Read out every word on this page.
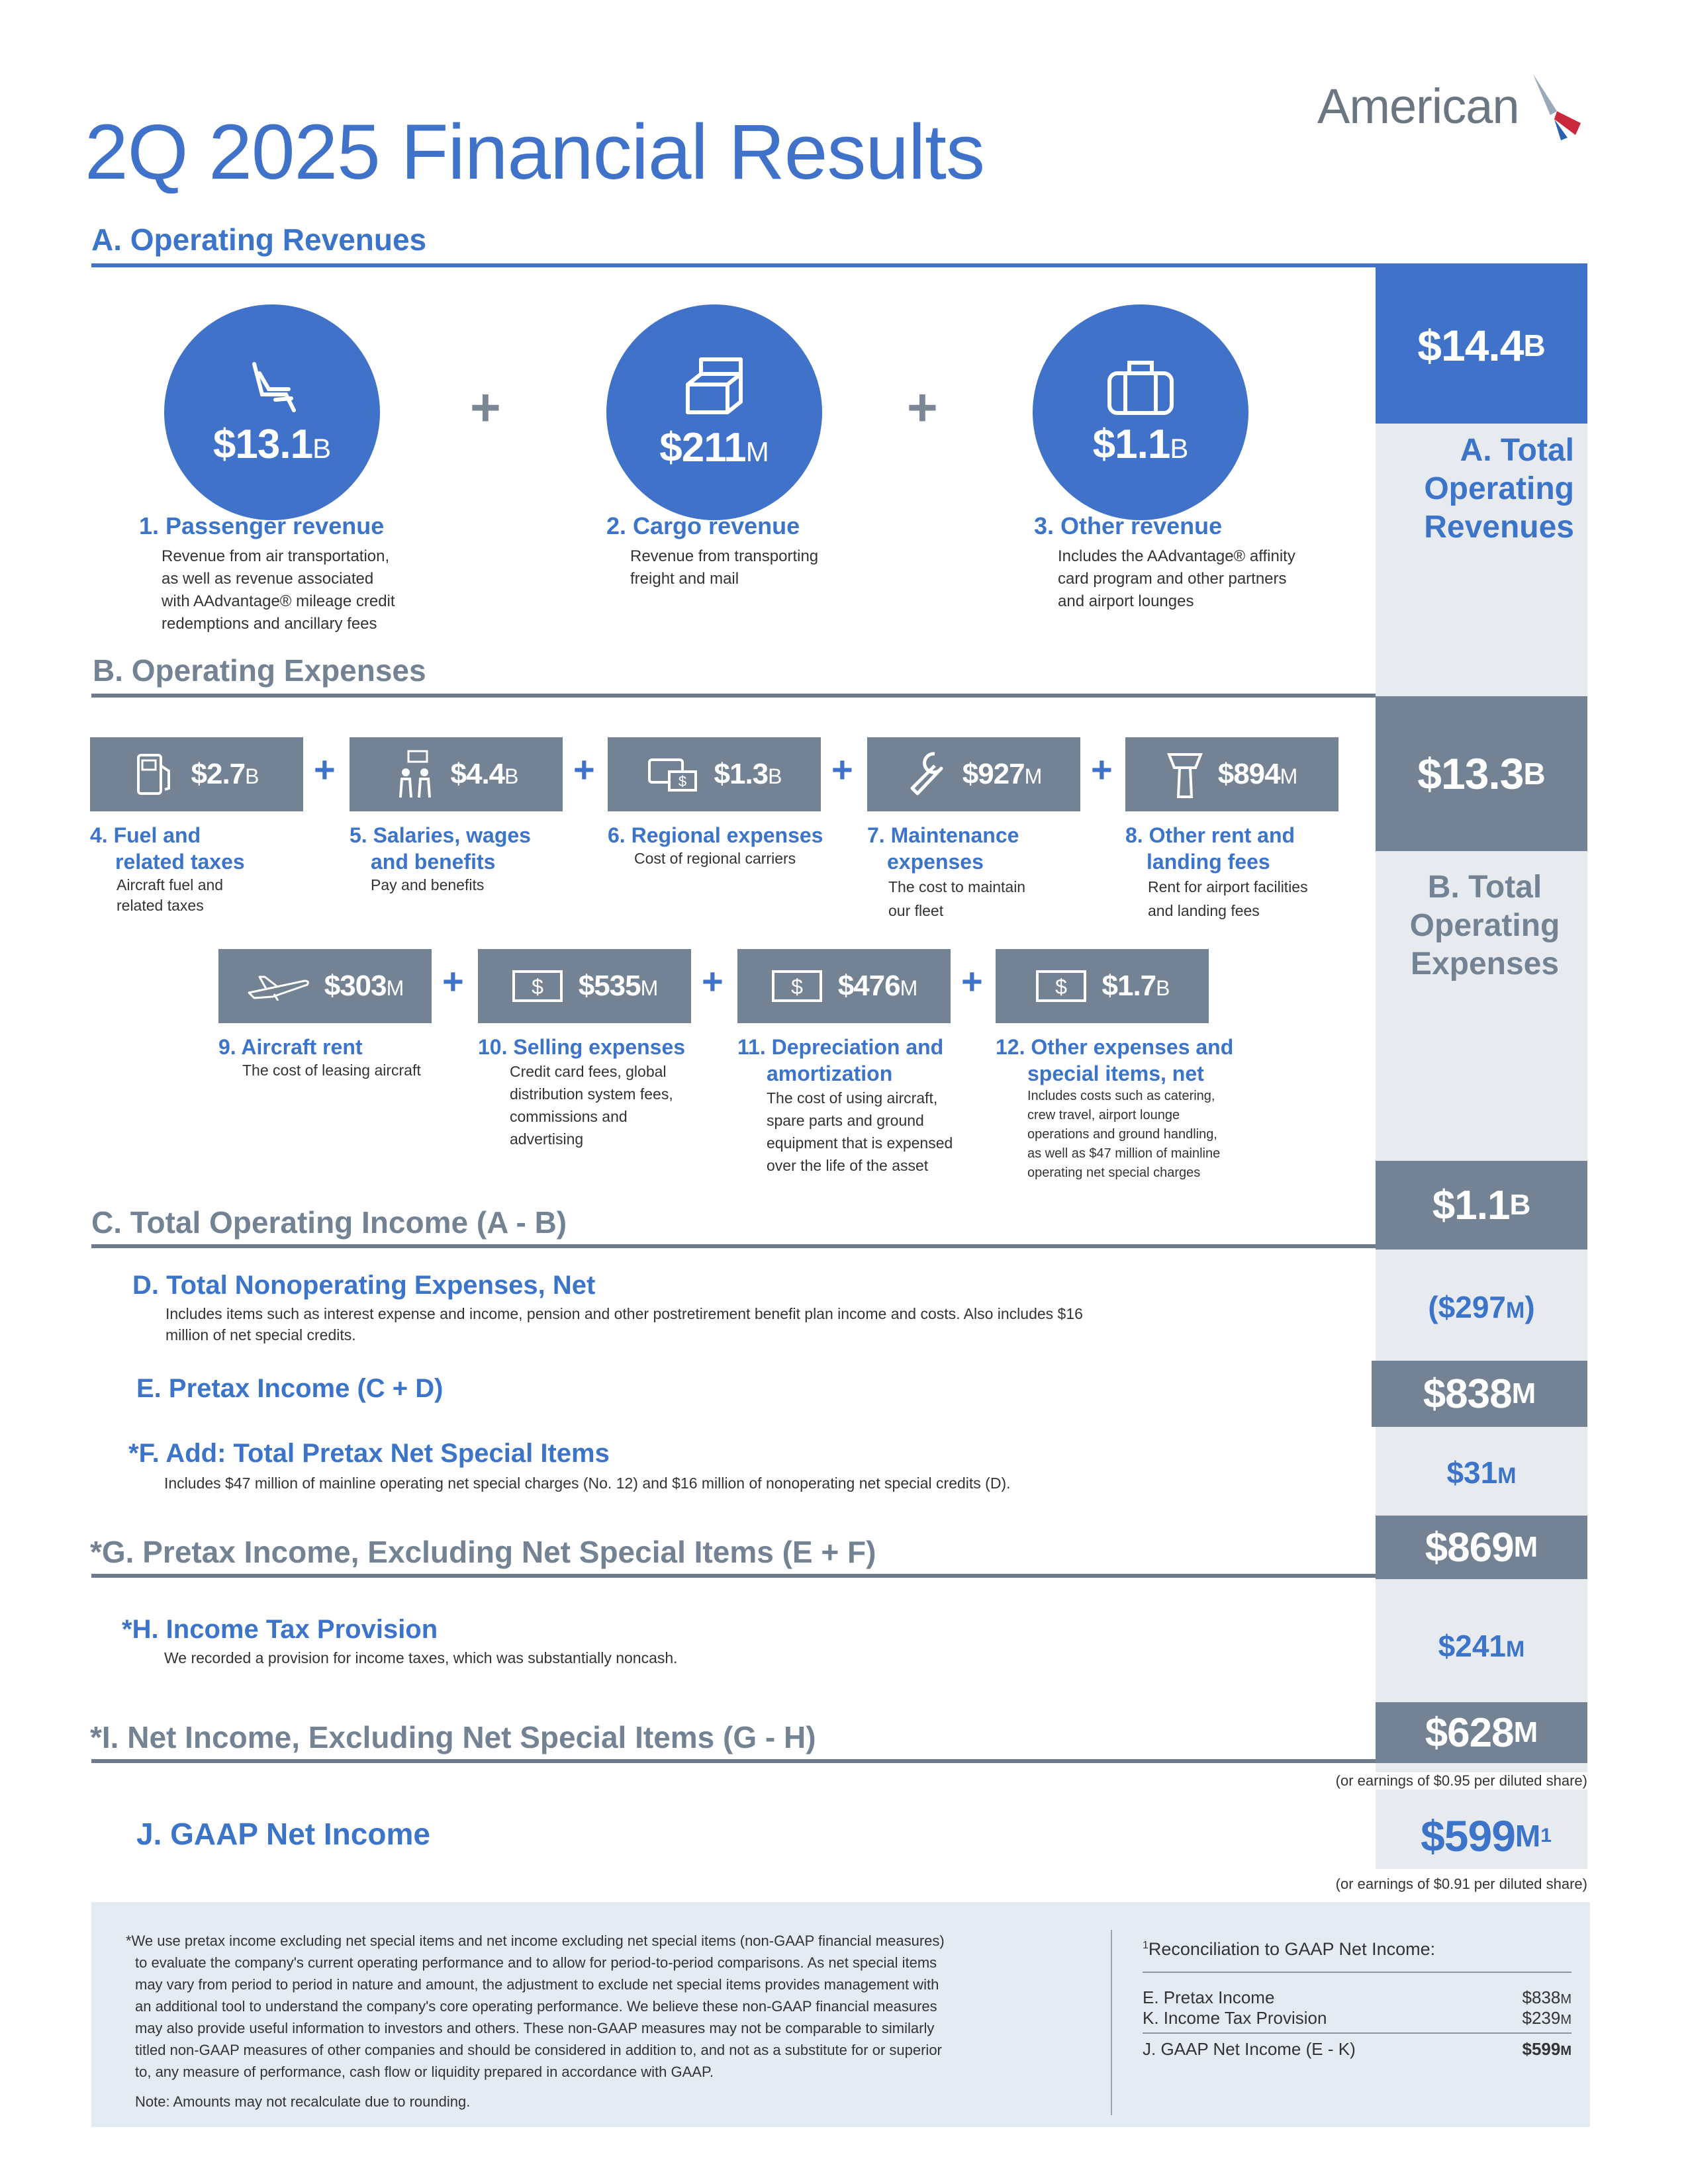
2Q 2025 Financial Results
American
A. Operating Revenues
$14.4 B
A. Total
Operating
Revenues
$13.1B
+
$211M
+
$1.1B
1. Passenger revenue
Revenue from air transportation,
as well as revenue associated
with AAdvantage® mileage credit
redemptions and ancillary fees
2. Cargo revenue
Revenue from transporting
freight and mail
3. Other revenue
Includes the AAdvantage® affinity
card program and other partners
and airport lounges
B. Operating Expenses
$13.3 B
B. Total
Operating
Expenses
$2.7B +	$4.4B +	$ $1.3B +	$927M +	$894M
4. Fuel and
related taxes
Aircraft fuel and
related taxes
5. Salaries, wages
and benefits
Pay and benefits
6. Regional expenses
Cost of regional carriers
7. Maintenance
expenses
The cost to maintain
our fleet
8. Other rent and
landing fees
Rent for airport facilities
and landing fees
$303M +	$ $535M +	$ $476M +	$ $1.7B
9. Aircraft rent
The cost of leasing aircraft
10. Selling expenses
Credit card fees, global
distribution system fees,
commissions and
advertising
11. Depreciation and
amortization
The cost of using aircraft,
spare parts and ground
equipment that is expensed
over the life of the asset
12. Other expenses and
special items, net
Includes costs such as catering,
crew travel, airport lounge
operations and ground handling,
as well as $47 million of mainline
operating net special charges
C. Total Operating Income (A - B)	$1.1 B
D. Total Nonoperating Expenses, Net
Includes items such as interest expense and income, pension and other postretirement benefit plan income and costs. Also includes $16
million of net special credits.
($297M)
E. Pretax Income (C + D)	$838 M
*F. Add: Total Pretax Net Special Items
Includes $47 million of mainline operating net special charges (No. 12) and $16 million of nonoperating net special credits (D).	$31M
*G. Pretax Income, Excluding Net Special Items (E + F)	$869 M
*H. Income Tax Provision
We recorded a provision for income taxes, which was substantially noncash.	$241M
*I. Net Income, Excluding Net Special Items (G - H)	$628 M
(or earnings of $0.95 per diluted share)
J. GAAP Net Income	$599 M 1
(or earnings of $0.91 per diluted share)
*We use pretax income excluding net special items and net income excluding net special items (non-GAAP financial measures)
to evaluate the company's current operating performance and to allow for period-to-period comparisons. As net special items
may vary from period to period in nature and amount, the adjustment to exclude net special items provides management with
an additional tool to understand the company's core operating performance. We believe these non-GAAP financial measures
may also provide useful information to investors and others. These non-GAAP measures may not be comparable to similarly
titled non-GAAP measures of other companies and should be considered in addition to, and not as a substitute for or superior
to, any measure of performance, cash flow or liquidity prepared in accordance with GAAP.
Note: Amounts may not recalculate due to rounding.
$^1$Reconciliation to GAAP Net Income:
E. Pretax Income	$838M
K. Income Tax Provision	$239M
J. GAAP Net Income (E - K)	$599M
